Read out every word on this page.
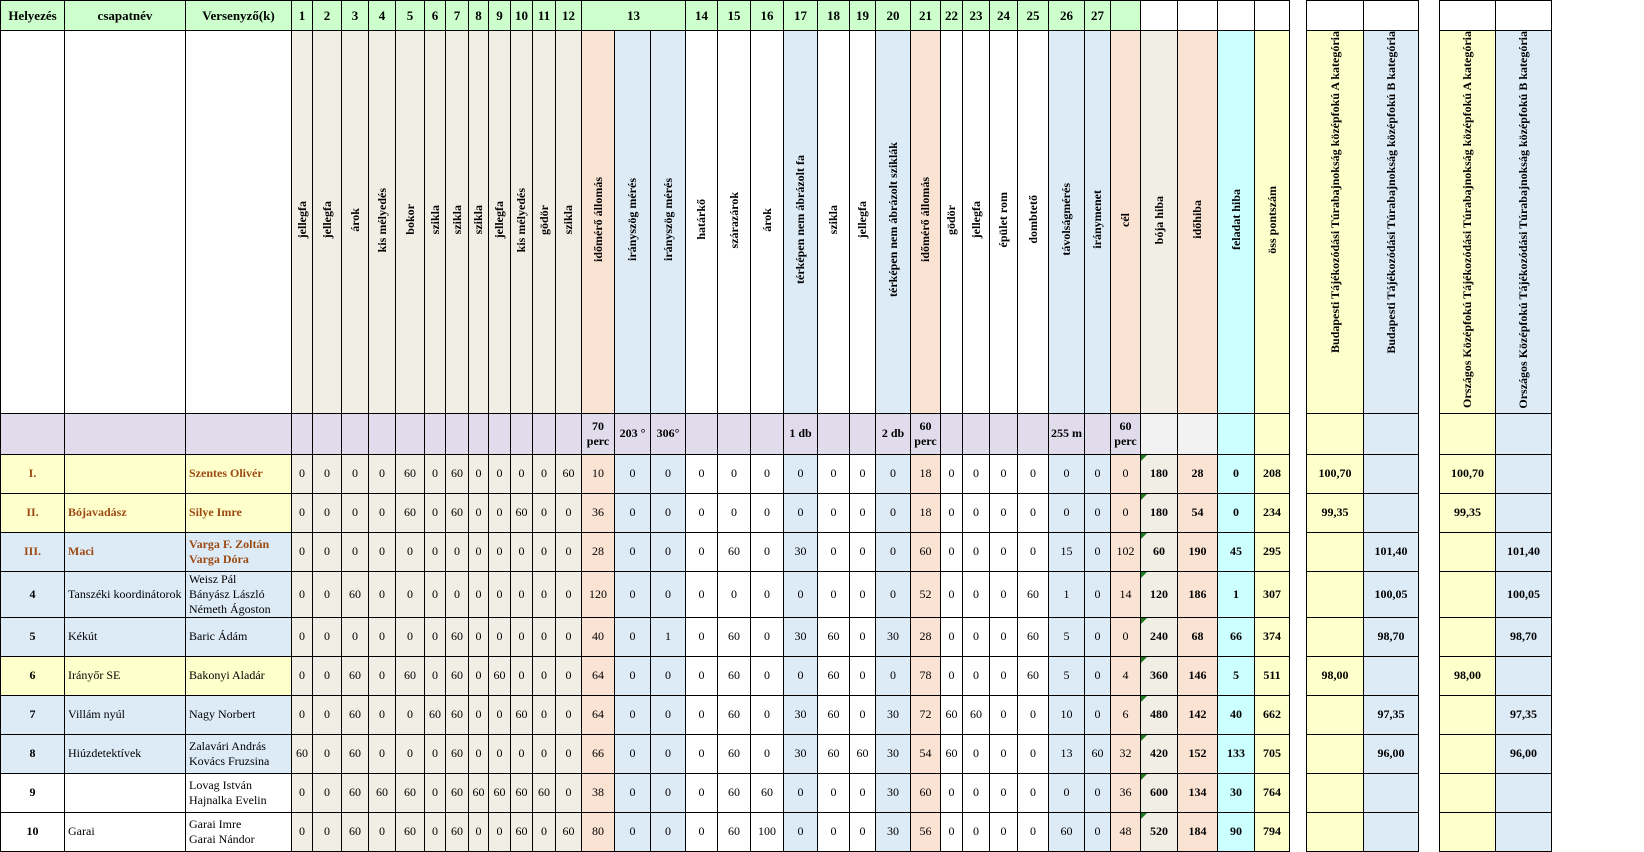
Helyezés	csapatnév	Versenyző(k)	1	2	3	4	5	6	7	8	9	10	11	12	13			14	15	16	17	18	19	20	21	22	23	24	25	26	27											
			jellegfa	jellegfa	árok	kis mélyedés	bokor	szikla	szikla	szikla	jellegfa	kis mélyedés	gödör	szikla	időmérő állomás	irányszög mérés	irányszög mérés	határkő	szárazárok	árok	térképen nem ábrázolt fa	szikla	jellegfa	térképen nem ábrázolt sziklák	időmérő állomás	gödör	jellegfa	épület rom	dombtető	távolságmérés	iránymenet	cél	bója hiba	időhiba	feladat hiba	öss pontszám		Budapesti Tájékozódási Túrabajnokság középfokú A kategória	Budapesti Tájékozódási Túrabajnokság középfokú B kategória		Országos Középfokú Tájékozódási Túrabajnokság középfokú A kategória	Országos Középfokú Tájékozódási Túrabajnokság középfokú B kategória
															70 perc	203 °	306°				1 db			2 db	60 perc					255 m		60 perc										
I.		Szentes Olivér	0	0	0	0	60	0	60	0	0	0	0	60	10	0	0	0	0	0	0	0	0	0	18	0	0	0	0	0	0	0	180	28	0	208		100,70			100,70	
II.	Bójavadász	Silye Imre	0	0	0	0	60	0	60	0	0	60	0	0	36	0	0	0	0	0	0	0	0	0	18	0	0	0	0	0	0	0	180	54	0	234		99,35			99,35	
III.	Maci	Varga F. Zoltán
Varga Dóra	0	0	0	0	0	0	0	0	0	0	0	0	28	0	0	0	60	0	30	0	0	0	60	0	0	0	0	15	0	102	60	190	45	295			101,40			101,40
4	Tanszéki koordinátorok	Weisz Pál
Bányász László
Németh Ágoston	0	0	60	0	0	0	0	0	0	0	0	0	120	0	0	0	0	0	0	0	0	0	52	0	0	0	60	1	0	14	120	186	1	307			100,05			100,05
5	Kékút	Baric Ádám	0	0	0	0	0	0	60	0	0	0	0	0	40	0	1	0	60	0	30	60	0	30	28	0	0	0	60	5	0	0	240	68	66	374			98,70			98,70
6	Irányőr SE	Bakonyi Aladár	0	0	60	0	60	0	60	0	60	0	0	0	64	0	0	0	60	0	0	60	0	0	78	0	0	0	60	5	0	4	360	146	5	511		98,00			98,00	
7	Villám nyúl	Nagy Norbert	0	0	60	0	0	60	60	0	0	60	0	0	64	0	0	0	60	0	30	60	0	30	72	60	60	0	0	10	0	6	480	142	40	662			97,35			97,35
8	Hiúzdetektívek	Zalavári András
Kovács Fruzsina	60	0	60	0	0	0	60	0	0	0	0	0	66	0	0	0	60	0	30	60	60	30	54	60	0	0	0	13	60	32	420	152	133	705			96,00			96,00
9		Lovag István
Hajnalka Evelin	0	0	60	60	60	0	60	60	60	60	60	0	38	0	0	0	60	60	0	0	0	30	60	0	0	0	0	0	0	36	600	134	30	764						
10	Garai	Garai Imre
Garai Nándor	0	0	60	0	60	0	60	0	0	60	0	60	80	0	0	0	60	100	0	0	0	30	56	0	0	0	0	60	0	48	520	184	90	794						
